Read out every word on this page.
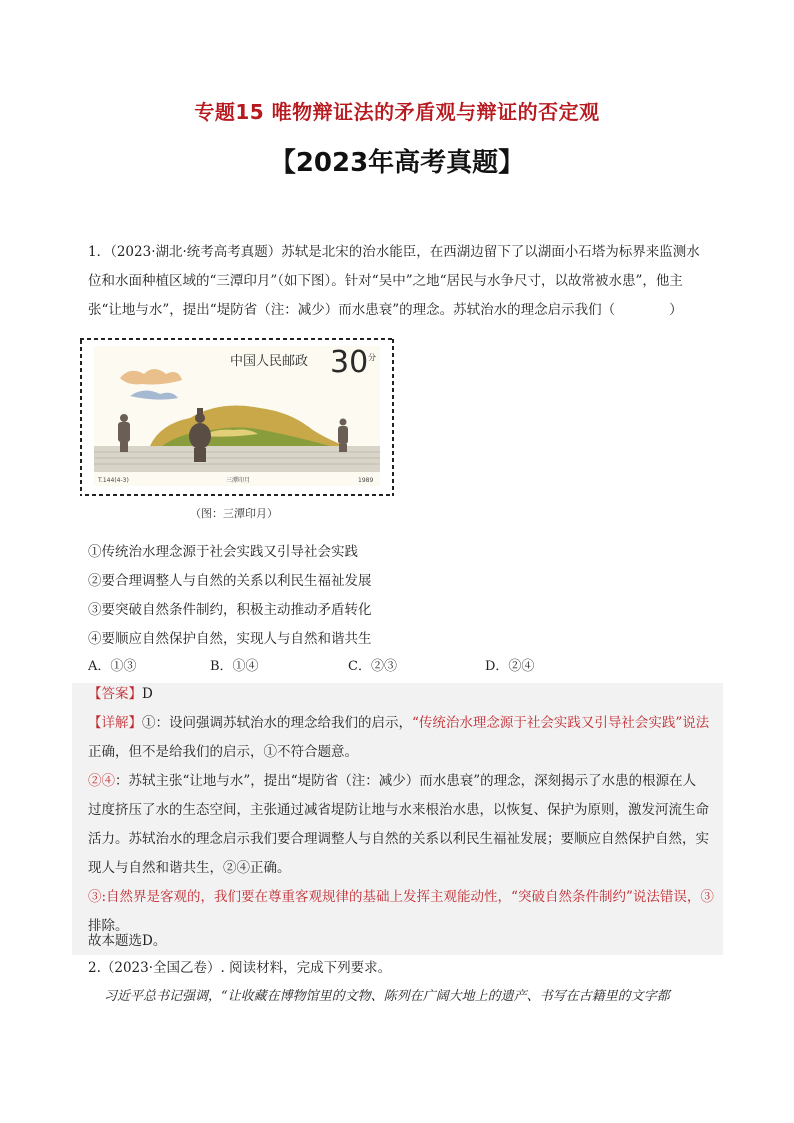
专题15 唯物辩证法的矛盾观与辩证的否定观
【2023年高考真题】
1．（2023·湖北·统考高考真题）苏轼是北宋的治水能臣，在西湖边留下了以湖面小石塔为标界来监测水
位和水面种植区域的“三潭印月”（如下图）。针对“吴中”之地“居民与水争尺寸，以故常被水患”，他主
张“让地与水”，提出“堤防省（注：减少）而水患衰”的理念。苏轼治水的理念启示我们（　　　　）
中国人民邮政 30 分
T.144(4-3)	三潭印月	1989
（图：三潭印月）
①传统治水理念源于社会实践又引导社会实践
②要合理调整人与自然的关系以利民生福祉发展
③要突破自然条件制约，积极主动推动矛盾转化
④要顺应自然保护自然，实现人与自然和谐共生
A．①③	B．①④	C．②③	D．②④
【答案】D
【详解】①：设问强调苏轼治水的理念给我们的启示，“传统治水理念源于社会实践又引导社会实践”说法
正确，但不是给我们的启示，①不符合题意。
②④：苏轼主张“让地与水”，提出“堤防省（注：减少）而水患衰”的理念，深刻揭示了水患的根源在人
过度挤压了水的生态空间，主张通过减省堤防让地与水来根治水患，以恢复、保护为原则，激发河流生命
活力。苏轼治水的理念启示我们要合理调整人与自然的关系以利民生福祉发展；要顺应自然保护自然，实
现人与自然和谐共生，②④正确。
③:自然界是客观的，我们要在尊重客观规律的基础上发挥主观能动性，“突破自然条件制约”说法错误，③
排除。
故本题选D。
2.（2023·全国乙卷）. 阅读材料，完成下列要求。
习近平总书记强调，“让收藏在博物馆里的文物、陈列在广阔大地上的遗产、书写在古籍里的文字都
